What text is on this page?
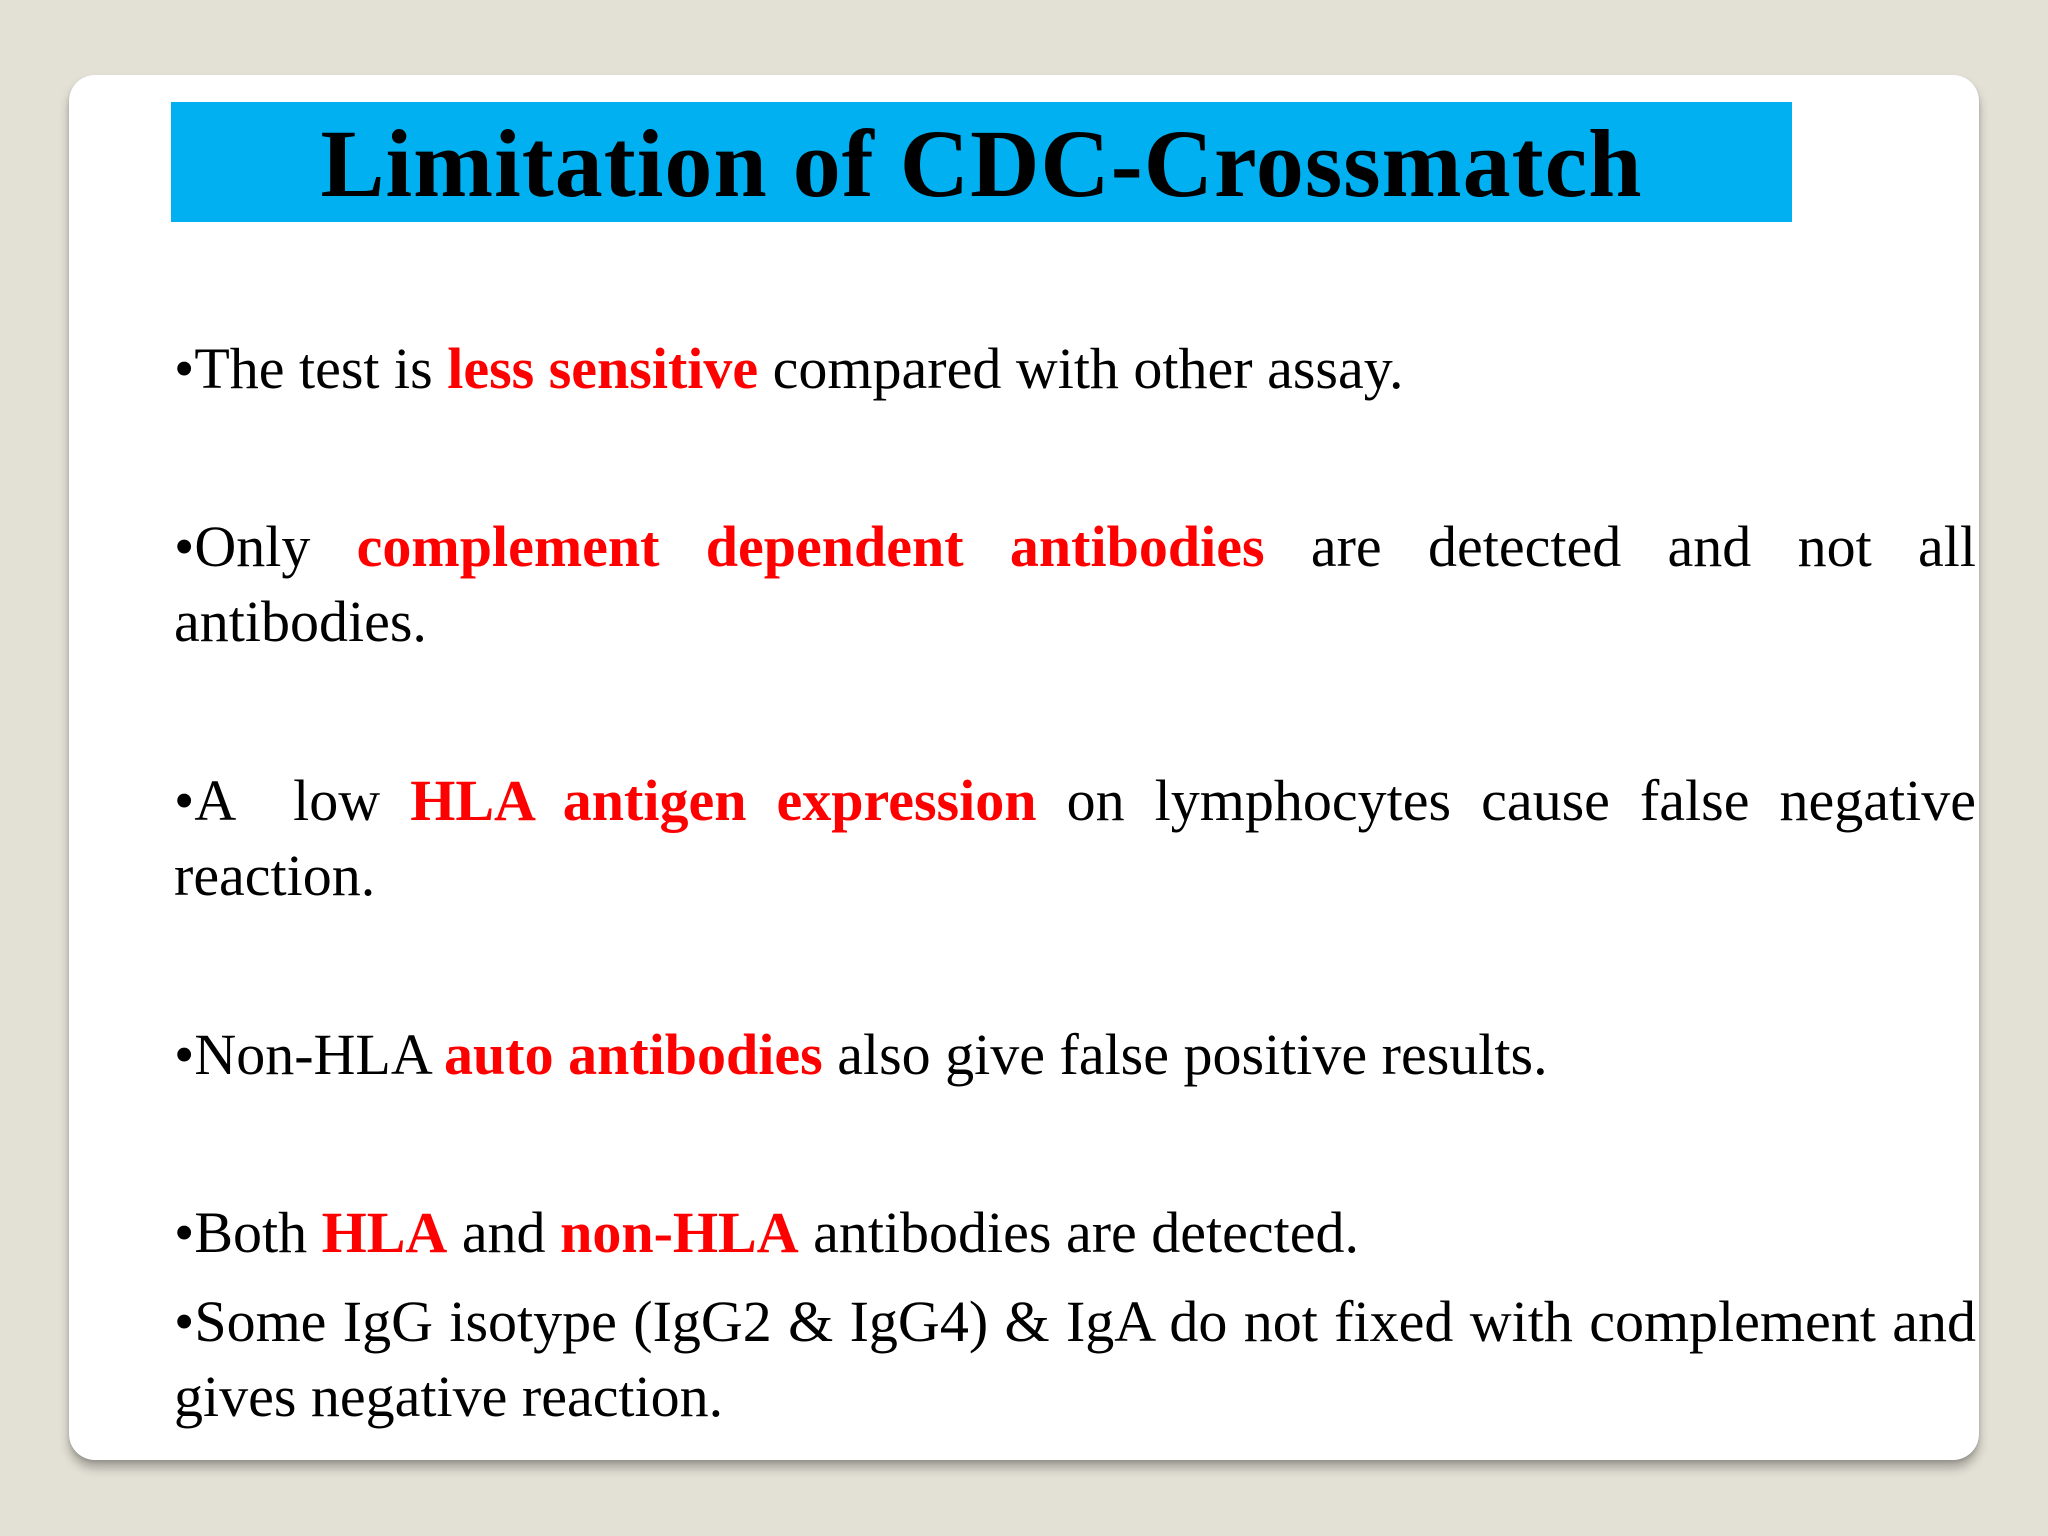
Limitation of CDC-Crossmatch
•The test is less sensitive compared with other assay.
•Only complement dependent antibodies are detected and not all antibodies.
•A  low HLA antigen expression on lymphocytes cause false negative reaction.
•Non-HLA auto antibodies also give false positive results.
•Both HLA and non-HLA antibodies are detected.
•Some IgG isotype (IgG2 & IgG4) & IgA do not fixed with complement and gives negative reaction.
